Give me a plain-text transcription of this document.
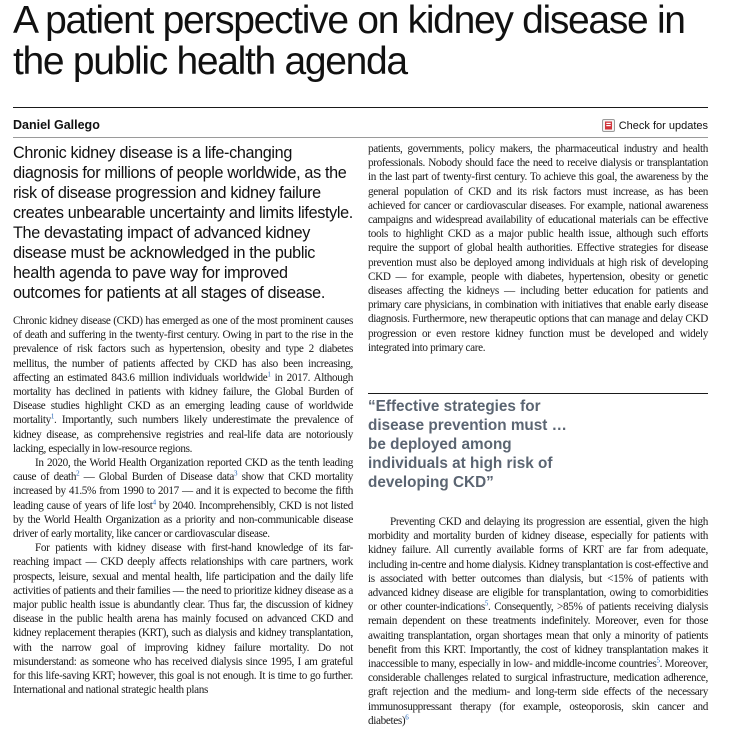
A patient perspective on kidney disease in the public health agenda
Daniel Gallego	Check for updates

Chronic kidney disease is a life-changing diagnosis for millions of people worldwide, as the risk of disease progression and kidney failure creates unbearable uncertainty and limits lifestyle. The devastating impact of advanced kidney disease must be acknowledged in the public health agenda to pave way for improved outcomes for patients at all stages of disease.

Chronic kidney disease (CKD) has emerged as one of the most prominent causes of death and suffering in the twenty-first century. Owing in part to the rise in the prevalence of risk factors such as hypertension, obesity and type 2 diabetes mellitus, the number of patients affected by CKD has also been increasing, affecting an estimated 843.6 million individuals worldwide$^1$ in 2017. Although mortality has declined in patients with kidney failure, the Global Burden of Disease studies highlight CKD as an emerging leading cause of worldwide mortality$^1$. Importantly, such numbers likely underestimate the prevalence of kidney disease, as comprehensive registries and real-life data are notoriously lacking, especially in low-resource regions.

In 2020, the World Health Organization reported CKD as the tenth leading cause of death$^2$ — Global Burden of Disease data$^3$ show that CKD mortality increased by 41.5% from 1990 to 2017 — and it is expected to become the fifth leading cause of years of life lost$^4$ by 2040. Incomprehensibly, CKD is not listed by the World Health Organization as a priority and non-communicable disease driver of early mortality, like cancer or cardiovascular disease.

For patients with kidney disease with first-hand knowledge of its far-reaching impact — CKD deeply affects relationships with care partners, work prospects, leisure, sexual and mental health, life participation and the daily life activities of patients and their families — the need to prioritize kidney disease as a major public health issue is abundantly clear. Thus far, the discussion of kidney disease in the public health arena has mainly focused on advanced CKD and kidney replacement therapies (KRT), such as dialysis and kidney transplantation, with the narrow goal of improving kidney failure mortality. Do not misunderstand: as someone who has received dialysis since 1995, I am grateful for this life-saving KRT; however, this goal is not enough. It is time to go further. International and national strategic health plans

patients, governments, policy makers, the pharmaceutical industry and health professionals. Nobody should face the need to receive dialysis or transplantation in the last part of twenty-first century. To achieve this goal, the awareness by the general population of CKD and its risk factors must increase, as has been achieved for cancer or cardiovascular diseases. For example, national awareness campaigns and widespread availability of educational materials can be effective tools to highlight CKD as a major public health issue, although such efforts require the support of global health authorities. Effective strategies for disease prevention must also be deployed among individuals at high risk of developing CKD — for example, people with diabetes, hypertension, obesity or genetic diseases affecting the kidneys — including better education for patients and primary care physicians, in combination with initiatives that enable early disease diagnosis. Furthermore, new therapeutic options that can manage and delay CKD progression or even restore kidney function must be developed and widely integrated into primary care.

“Effective strategies for disease prevention must … be deployed among individuals at high risk of developing CKD”

Preventing CKD and delaying its progression are essential, given the high morbidity and mortality burden of kidney disease, especially for patients with kidney failure. All currently available forms of KRT are far from adequate, including in-centre and home dialysis. Kidney transplantation is cost-effective and is associated with better outcomes than dialysis, but <15% of patients with advanced kidney disease are eligible for transplantation, owing to comorbidities or other counter-indications$^5$. Consequently, >85% of patients receiving dialysis remain dependent on these treatments indefinitely. Moreover, even for those awaiting transplantation, organ shortages mean that only a minority of patients benefit from this KRT. Importantly, the cost of kidney transplantation makes it inaccessible to many, especially in low- and middle-income countries$^5$. Moreover, considerable challenges related to surgical infrastructure, medication adherence, graft rejection and the medium- and long-term side effects of the necessary immunosuppressant therapy (for example, osteoporosis, skin cancer and diabetes)$^6$
